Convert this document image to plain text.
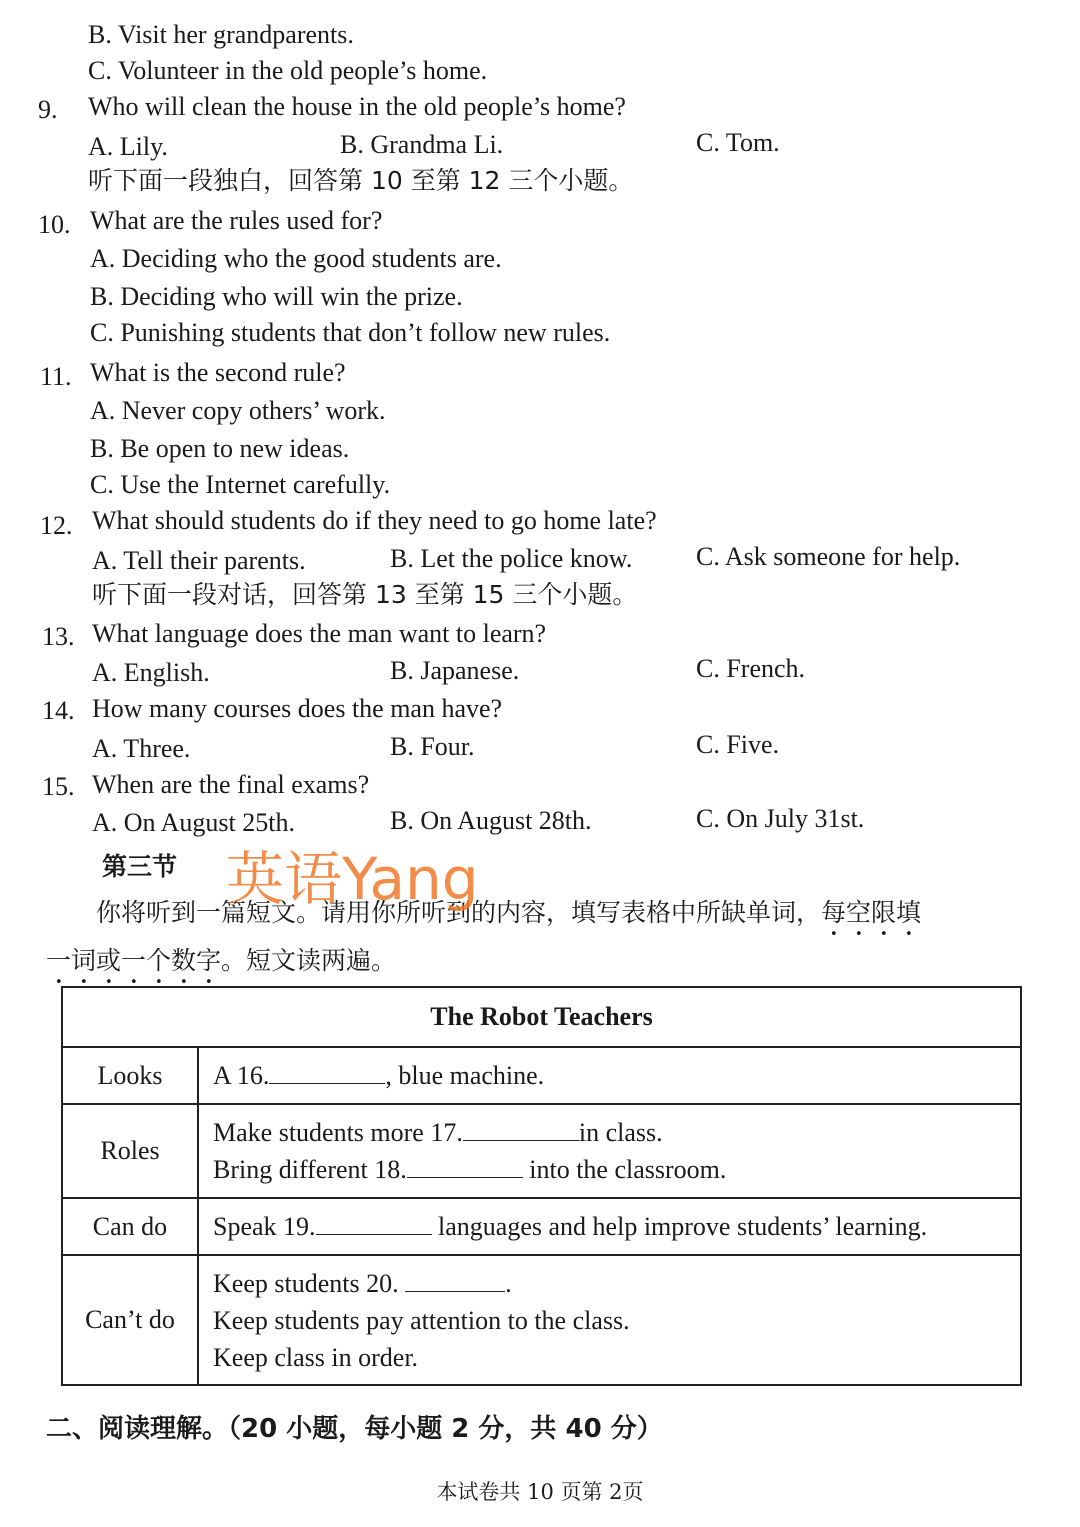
B. Visit her grandparents.
C. Volunteer in the old people’s home.
9. Who will clean the house in the old people’s home?
A. Lily.	B. Grandma Li.	C. Tom.
听下面一段独白，回答第 10 至第 12 三个小题。
10. What are the rules used for?
A. Deciding who the good students are.
B. Deciding who will win the prize.
C. Punishing students that don’t follow new rules.
11. What is the second rule?
A. Never copy others’ work.
B. Be open to new ideas.
C. Use the Internet carefully.
12. What should students do if they need to go home late?
A. Tell their parents.	B. Let the police know. C. Ask someone for help.
听下面一段对话，回答第 13 至第 15 三个小题。
13. What language does the man want to learn?
A. English.	B. Japanese.	C. French.
14. How many courses does the man have?
A. Three.	B. Four.	C. Five.
15. When are the final exams?
A. On August 25th.	B. On August 28th.	C. On July 31st.
第三节
你将听到一篇短文。请用你所听到的内容，填写表格中所缺单词，每空限填
一词或一个数字。短文读两遍。
英语Yang
The Robot Teachers	
Looks	A 16. , blue machine.
Roles	Make students more 17. in class.
Bring different 18. into the classroom.

Can do	Speak 19. languages and help improve students’ learning.
Can’t do	Keep students 20. .
Keep students pay attention to the class.
Keep class in order.
二、阅读理解。（20 小题，每小题 2 分，共 40 分）
本试卷共 10 页第 2页
